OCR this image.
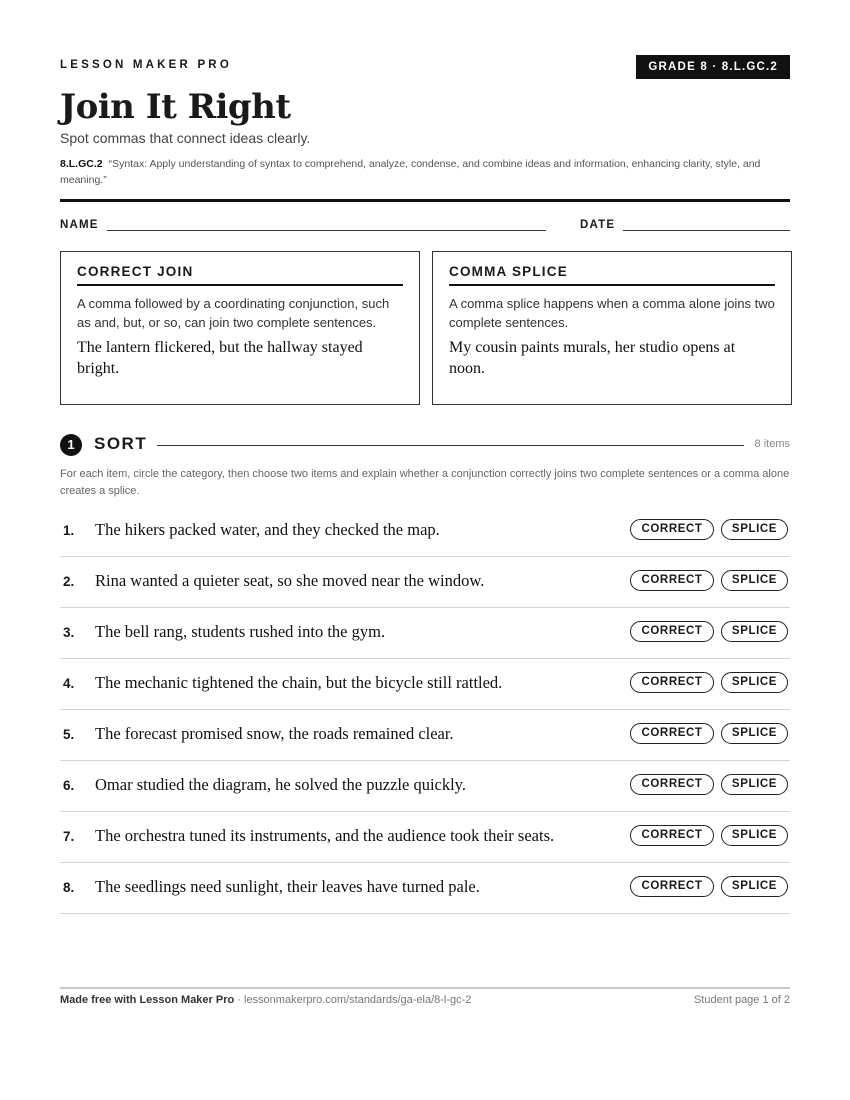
LESSON MAKER PRO	GRADE 8 · 8.L.GC.2
Join It Right
Spot commas that connect ideas clearly.
8.L.GC.2 “Syntax: Apply understanding of syntax to comprehend, analyze, condense, and combine ideas and information, enhancing clarity, style, and meaning.”
NAME	DATE
CORRECT JOIN
A comma followed by a coordinating conjunction, such as and, but, or so, can join two complete sentences.
The lantern flickered, but the hallway stayed bright.
COMMA SPLICE
A comma splice happens when a comma alone joins two complete sentences.
My cousin paints murals, her studio opens at noon.
1	SORT	8 items
For each item, circle the category, then choose two items and explain whether a conjunction correctly joins two complete sentences or a comma alone creates a splice.
1. The hikers packed water, and they checked the map.	CORRECT	SPLICE
2. Rina wanted a quieter seat, so she moved near the window.	CORRECT	SPLICE
3. The bell rang, students rushed into the gym.	CORRECT	SPLICE
4. The mechanic tightened the chain, but the bicycle still rattled.	CORRECT	SPLICE
5. The forecast promised snow, the roads remained clear.	CORRECT	SPLICE
6. Omar studied the diagram, he solved the puzzle quickly.	CORRECT	SPLICE
7. The orchestra tuned its instruments, and the audience took their seats.	CORRECT	SPLICE
8. The seedlings need sunlight, their leaves have turned pale.	CORRECT	SPLICE
Made free with Lesson Maker Pro · lessonmakerpro.com/standards/ga-ela/8-l-gc-2	Student page 1 of 2
